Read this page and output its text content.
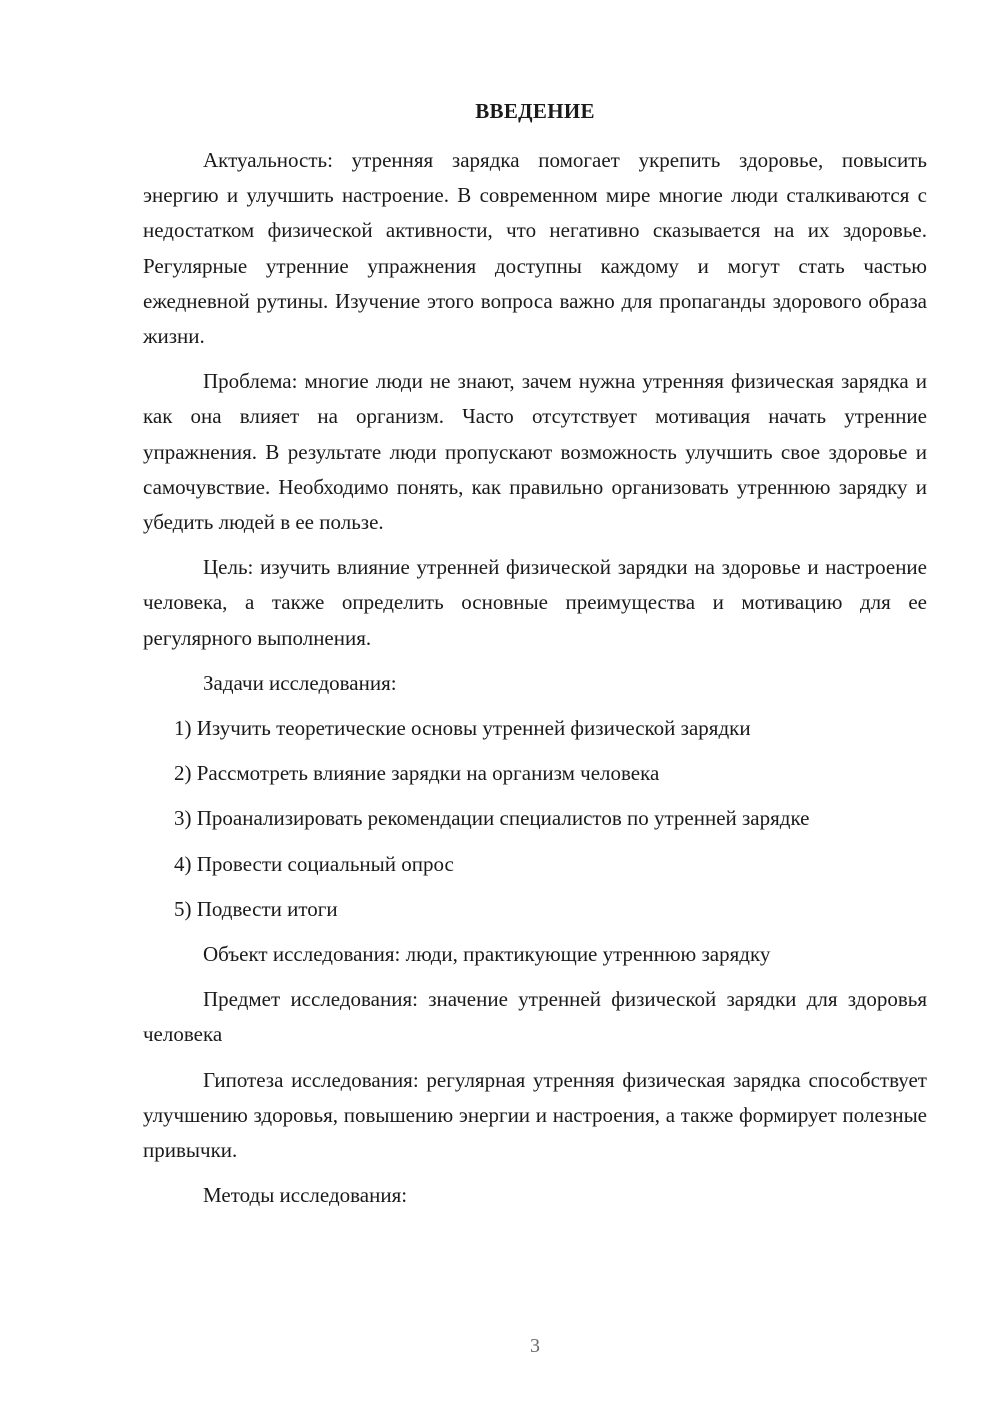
ВВЕДЕНИЕ

Актуальность: утренняя зарядка помогает укрепить здоровье, повысить энергию и улучшить настроение. В современном мире многие люди сталкиваются с недостатком физической активности, что негативно сказывается на их здоровье. Регулярные утренние упражнения доступны каждому и могут стать частью ежедневной рутины. Изучение этого вопроса важно для пропаганды здорового образа жизни.

Проблема: многие люди не знают, зачем нужна утренняя физическая зарядка и как она влияет на организм. Часто отсутствует мотивация начать утренние упражнения. В результате люди пропускают возможность улучшить свое здоровье и самочувствие. Необходимо понять, как правильно организовать утреннюю зарядку и убедить людей в ее пользе.

Цель: изучить влияние утренней физической зарядки на здоровье и настроение человека, а также определить основные преимущества и мотивацию для ее регулярного выполнения.

Задачи исследования:

1) Изучить теоретические основы утренней физической зарядки

2) Рассмотреть влияние зарядки на организм человека

3) Проанализировать рекомендации специалистов по утренней зарядке

4) Провести социальный опрос

5) Подвести итоги

Объект исследования: люди, практикующие утреннюю зарядку

Предмет исследования: значение утренней физической зарядки для здоровья человека

Гипотеза исследования: регулярная утренняя физическая зарядка способствует улучшению здоровья, повышению энергии и настроения, а также формирует полезные привычки.

Методы исследования:

3
